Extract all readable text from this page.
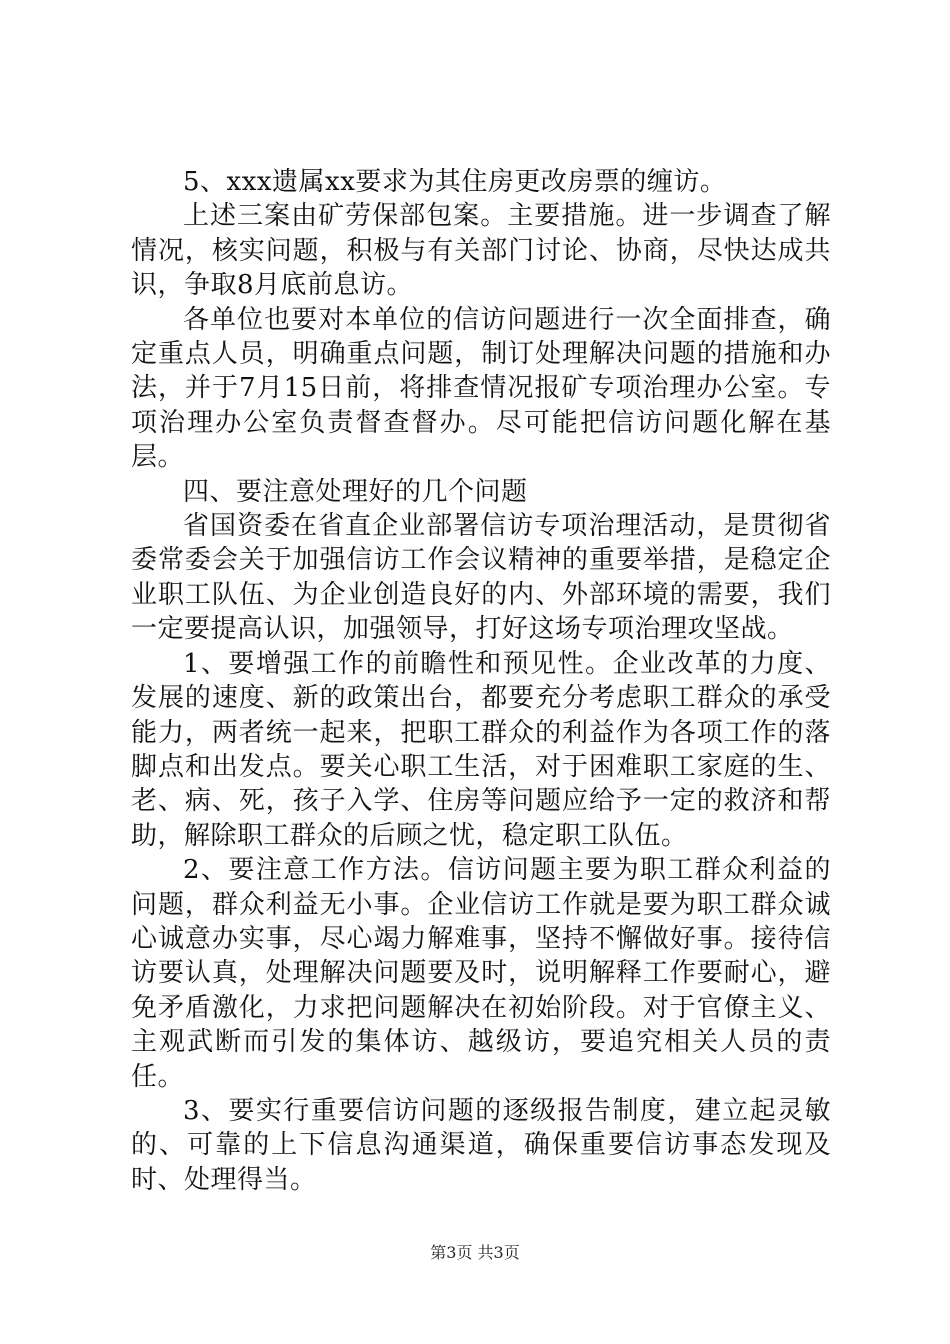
5、xxx遗属xx要求为其住房更改房票的缠访。

上述三案由矿劳保部包案。主要措施。进一步调查了解情况，核实问题，积极与有关部门讨论、协商，尽快达成共识，争取8月底前息访。

各单位也要对本单位的信访问题进行一次全面排查，确定重点人员，明确重点问题，制订处理解决问题的措施和办法，并于7月15日前，将排查情况报矿专项治理办公室。专项治理办公室负责督查督办。尽可能把信访问题化解在基层。

四、要注意处理好的几个问题

省国资委在省直企业部署信访专项治理活动，是贯彻省委常委会关于加强信访工作会议精神的重要举措，是稳定企业职工队伍、为企业创造良好的内、外部环境的需要，我们一定要提高认识，加强领导，打好这场专项治理攻坚战。

1、要增强工作的前瞻性和预见性。企业改革的力度、发展的速度、新的政策出台，都要充分考虑职工群众的承受能力，两者统一起来，把职工群众的利益作为各项工作的落脚点和出发点。要关心职工生活，对于困难职工家庭的生、老、病、死，孩子入学、住房等问题应给予一定的救济和帮助，解除职工群众的后顾之忧，稳定职工队伍。

2、要注意工作方法。信访问题主要为职工群众利益的问题，群众利益无小事。企业信访工作就是要为职工群众诚心诚意办实事，尽心竭力解难事，坚持不懈做好事。接待信访要认真，处理解决问题要及时，说明解释工作要耐心，避免矛盾激化，力求把问题解决在初始阶段。对于官僚主义、主观武断而引发的集体访、越级访，要追究相关人员的责任。

3、要实行重要信访问题的逐级报告制度，建立起灵敏的、可靠的上下信息沟通渠道，确保重要信访事态发现及时、处理得当。

第3页 共3页
